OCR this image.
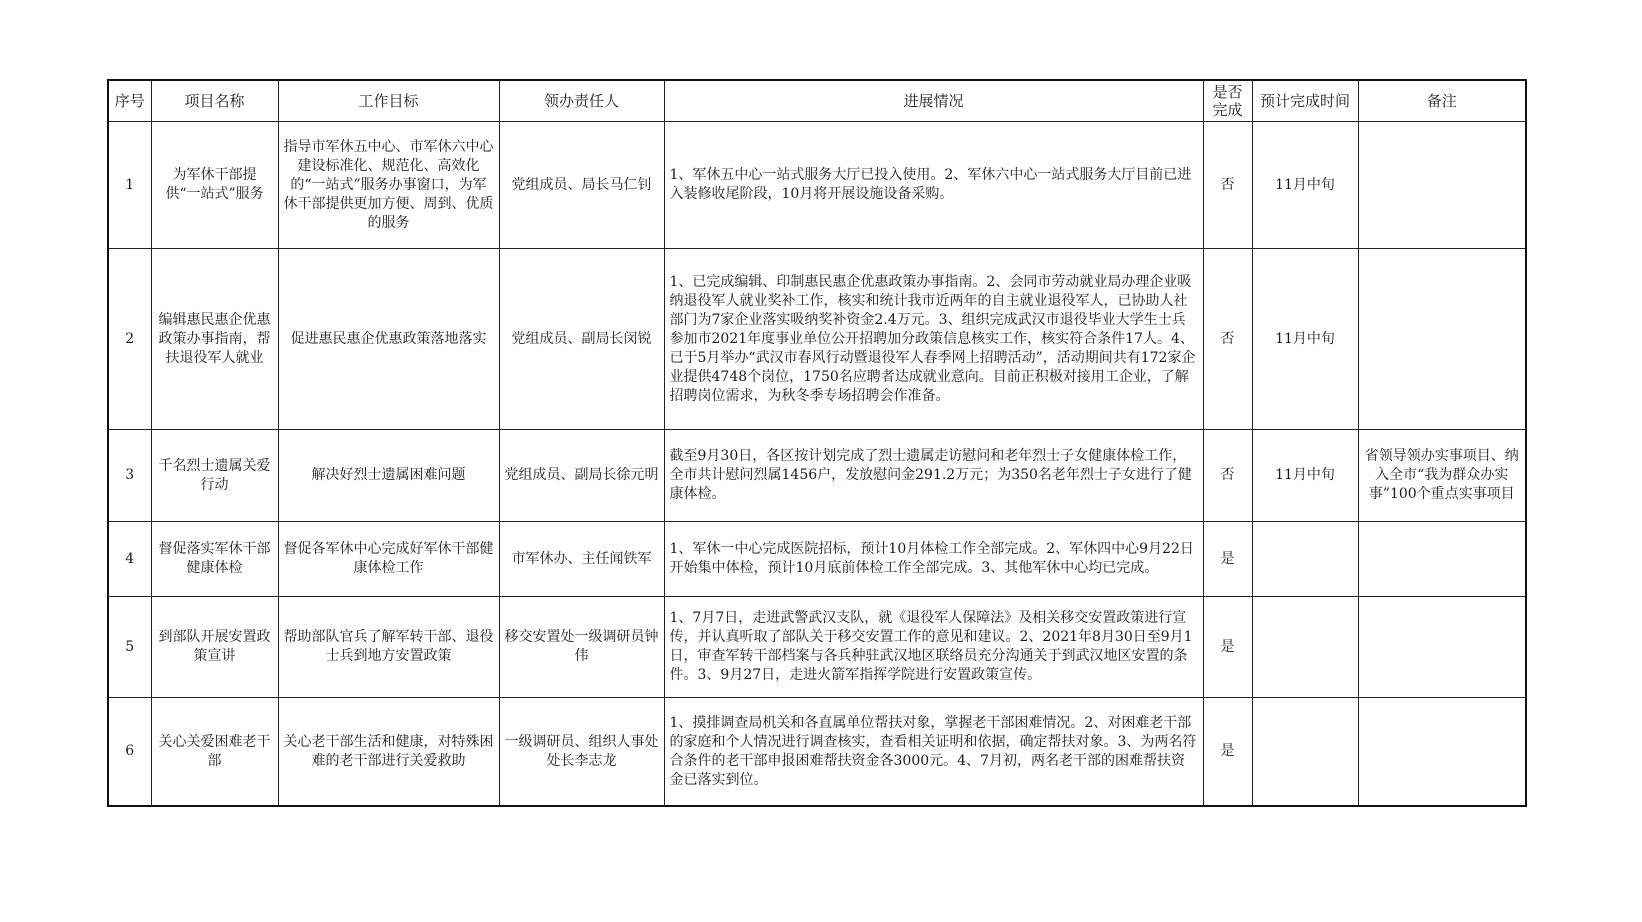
序号	项目名称	工作目标	领办责任人	进展情况	是否完成	预计完成时间	备注
1	为军休干部提供“一站式”服务	指导市军休五中心、市军休六中心建设标准化、规范化、高效化的“一站式”服务办事窗口，为军休干部提供更加方便、周到、优质的服务	党组成员、局长马仁钊	1、军休五中心一站式服务大厅已投入使用。2、军休六中心一站式服务大厅目前已进入装修收尾阶段，10月将开展设施设备采购。	否	11月中旬	
2	编辑惠民惠企优惠政策办事指南，帮扶退役军人就业	促进惠民惠企优惠政策落地落实	党组成员、副局长闵锐	1、已完成编辑、印制惠民惠企优惠政策办事指南。2、会同市劳动就业局办理企业吸纳退役军人就业奖补工作，核实和统计我市近两年的自主就业退役军人，已协助人社部门为7家企业落实吸纳奖补资金2.4万元。3、组织完成武汉市退役毕业大学生士兵参加市2021年度事业单位公开招聘加分政策信息核实工作，核实符合条件17人。4、已于5月举办“武汉市春风行动暨退役军人春季网上招聘活动”，活动期间共有172家企业提供4748个岗位，1750名应聘者达成就业意向。目前正积极对接用工企业，了解招聘岗位需求，为秋冬季专场招聘会作准备。	否	11月中旬	
3	千名烈士遗属关爱行动	解决好烈士遗属困难问题	党组成员、副局长徐元明	截至9月30日，各区按计划完成了烈士遗属走访慰问和老年烈士子女健康体检工作，全市共计慰问烈属1456户，发放慰问金291.2万元；为350名老年烈士子女进行了健康体检。	否	11月中旬	省领导领办实事项目、纳入全市“我为群众办实事”100个重点实事项目
4	督促落实军休干部健康体检	督促各军休中心完成好军休干部健康体检工作	市军休办、主任闻铁军	1、军休一中心完成医院招标，预计10月体检工作全部完成。2、军休四中心9月22日开始集中体检，预计10月底前体检工作全部完成。3、其他军休中心均已完成。	是		
5	到部队开展安置政策宣讲	帮助部队官兵了解军转干部、退役士兵到地方安置政策	移交安置处一级调研员钟伟	1、7月7日，走进武警武汉支队，就《退役军人保障法》及相关移交安置政策进行宣传，并认真听取了部队关于移交安置工作的意见和建议。2、2021年8月30日至9月1日，审查军转干部档案与各兵种驻武汉地区联络员充分沟通关于到武汉地区安置的条件。3、9月27日，走进火箭军指挥学院进行安置政策宣传。	是		
6	关心关爱困难老干部	关心老干部生活和健康，对特殊困难的老干部进行关爱救助	一级调研员、组织人事处处长李志龙	1、摸排调查局机关和各直属单位帮扶对象，掌握老干部困难情况。2、对困难老干部的家庭和个人情况进行调查核实，查看相关证明和依据，确定帮扶对象。3、为两名符合条件的老干部申报困难帮扶资金各3000元。4、7月初，两名老干部的困难帮扶资金已落实到位。	是		
